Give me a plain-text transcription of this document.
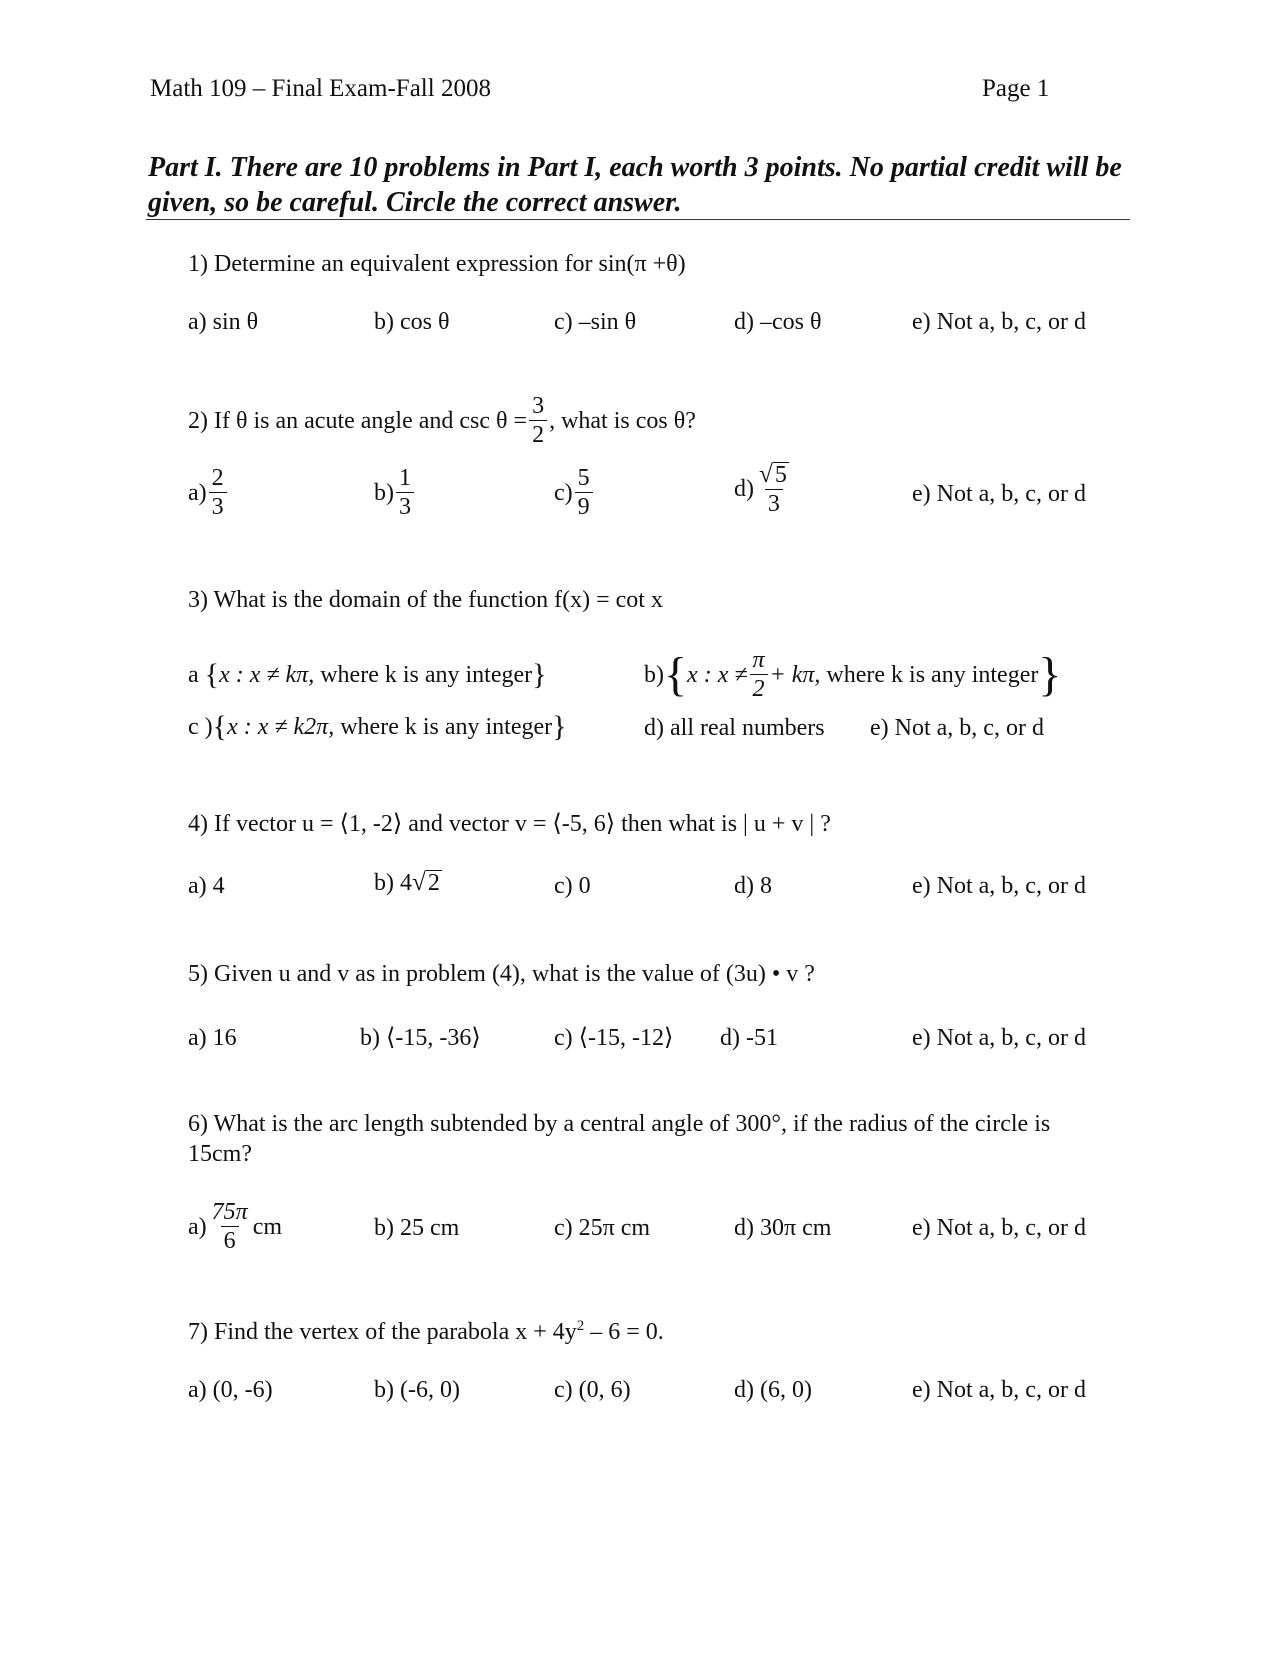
Math 109 – Final Exam-Fall 2008	Page 1
Part I. There are 10 problems in Part I, each worth 3 points. No partial credit will be given, so be careful. Circle the correct answer.
1) Determine an equivalent expression for sin(π +θ)
a) sin θ	b) cos θ	c) –sin θ	d) –cos θ	e) Not a, b, c, or d
2) If θ is an acute angle and $\csc \theta = \frac{3}{2}$ , what is cos θ?
$a) \frac{2}{3}$	$b) \frac{1}{3}$	$c) \frac{5}{9}$	$d) \frac{√ 5}{3}$	e) Not a, b, c, or d
3) What is the domain of the function f(x) = cot x
a
{ x : x ≠ kπ,
where k is any integer }	b) { x : $x \ne \frac{\pi}{2} + k\pi$,
where k is any integer }
c ) { x : x ≠ k2π,
where k is any integer }	d) all real numbers e) Not a, b, c, or d
4) If vector u = ⟨1, -2⟩ and vector v = ⟨-5, 6⟩ then what is | u + v | ?
a) 4	b) 4 √ 2	c) 0	d) 8	e) Not a, b, c, or d
5) Given u and v as in problem (4), what is the value of (3u) • v ?
a) 16	b) ⟨-15, -36⟩	c) ⟨-15, -12⟩ d) -51	e) Not a, b, c, or d
6) What is the arc length subtended by a central angle of 300°, if the radius of the circle is
15cm?
$a) \frac{75\pi}{6}$ cm	b) 25 cm	c) 25π cm	d) 30π cm	e) Not a, b, c, or d
7) Find the vertex of the parabola $x + 4y^2 - 6 = 0$.
a) (0, -6)	b) (-6, 0)	c) (0, 6)	d) (6, 0)	e) Not a, b, c, or d
